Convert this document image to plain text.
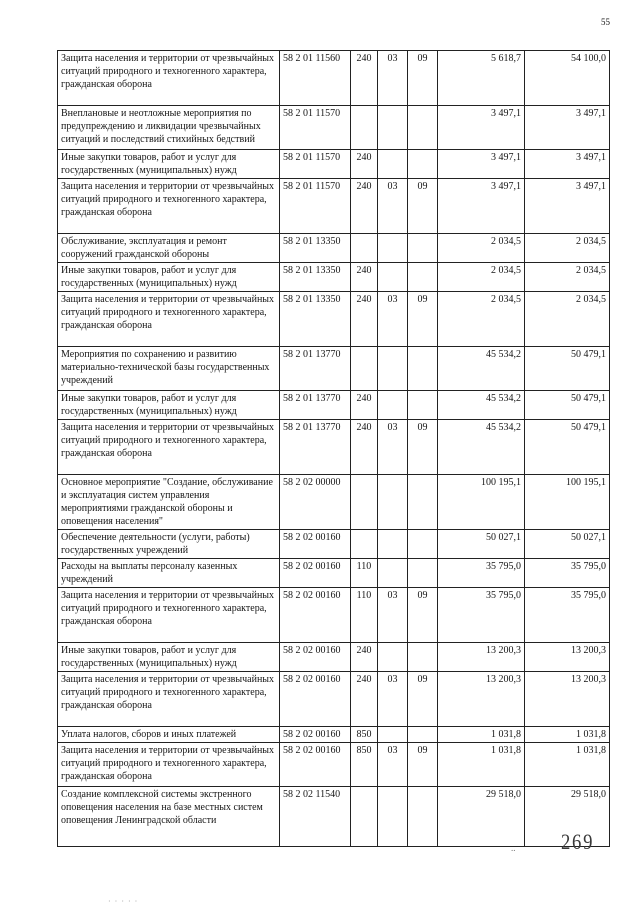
55
Защита населения и территории от чрезвычайных ситуаций природного и техногенного характера, гражданская оборона	58 2 01 11560	240	03	09	5 618,7	54 100,0
Внеплановые и неотложные мероприятия по предупреждению и ликвидации чрезвычайных ситуаций и последствий стихийных бедствий	58 2 01 11570				3 497,1	3 497,1
Иные закупки товаров, работ и услуг для государственных (муниципальных) нужд	58 2 01 11570	240			3 497,1	3 497,1
Защита населения и территории от чрезвычайных ситуаций природного и техногенного характера, гражданская оборона	58 2 01 11570	240	03	09	3 497,1	3 497,1
Обслуживание, эксплуатация и ремонт сооружений гражданской обороны	58 2 01 13350				2 034,5	2 034,5
Иные закупки товаров, работ и услуг для государственных (муниципальных) нужд	58 2 01 13350	240			2 034,5	2 034,5
Защита населения и территории от чрезвычайных ситуаций природного и техногенного характера, гражданская оборона	58 2 01 13350	240	03	09	2 034,5	2 034,5
Мероприятия по сохранению и развитию материально-технической базы государственных учреждений	58 2 01 13770				45 534,2	50 479,1
Иные закупки товаров, работ и услуг для государственных (муниципальных) нужд	58 2 01 13770	240			45 534,2	50 479,1
Защита населения и территории от чрезвычайных ситуаций природного и техногенного характера, гражданская оборона	58 2 01 13770	240	03	09	45 534,2	50 479,1
Основное мероприятие "Создание, обслуживание и эксплуатация систем управления мероприятиями гражданской обороны и оповещения населения"	58 2 02 00000				100 195,1	100 195,1
Обеспечение деятельности (услуги, работы) государственных учреждений	58 2 02 00160				50 027,1	50 027,1
Расходы на выплаты персоналу казенных учреждений	58 2 02 00160	110			35 795,0	35 795,0
Защита населения и территории от чрезвычайных ситуаций природного и техногенного характера, гражданская оборона	58 2 02 00160	110	03	09	35 795,0	35 795,0
Иные закупки товаров, работ и услуг для государственных (муниципальных) нужд	58 2 02 00160	240			13 200,3	13 200,3
Защита населения и территории от чрезвычайных ситуаций природного и техногенного характера, гражданская оборона	58 2 02 00160	240	03	09	13 200,3	13 200,3
Уплата налогов, сборов и иных платежей	58 2 02 00160	850			1 031,8	1 031,8
Защита населения и территории от чрезвычайных ситуаций природного и техногенного характера, гражданская оборона	58 2 02 00160	850	03	09	1 031,8	1 031,8
Создание комплексной системы экстренного оповещения населения на базе местных систем оповещения Ленинградской области	58 2 02 11540				29 518,0	29 518,0
.. 269
· · · · ·
